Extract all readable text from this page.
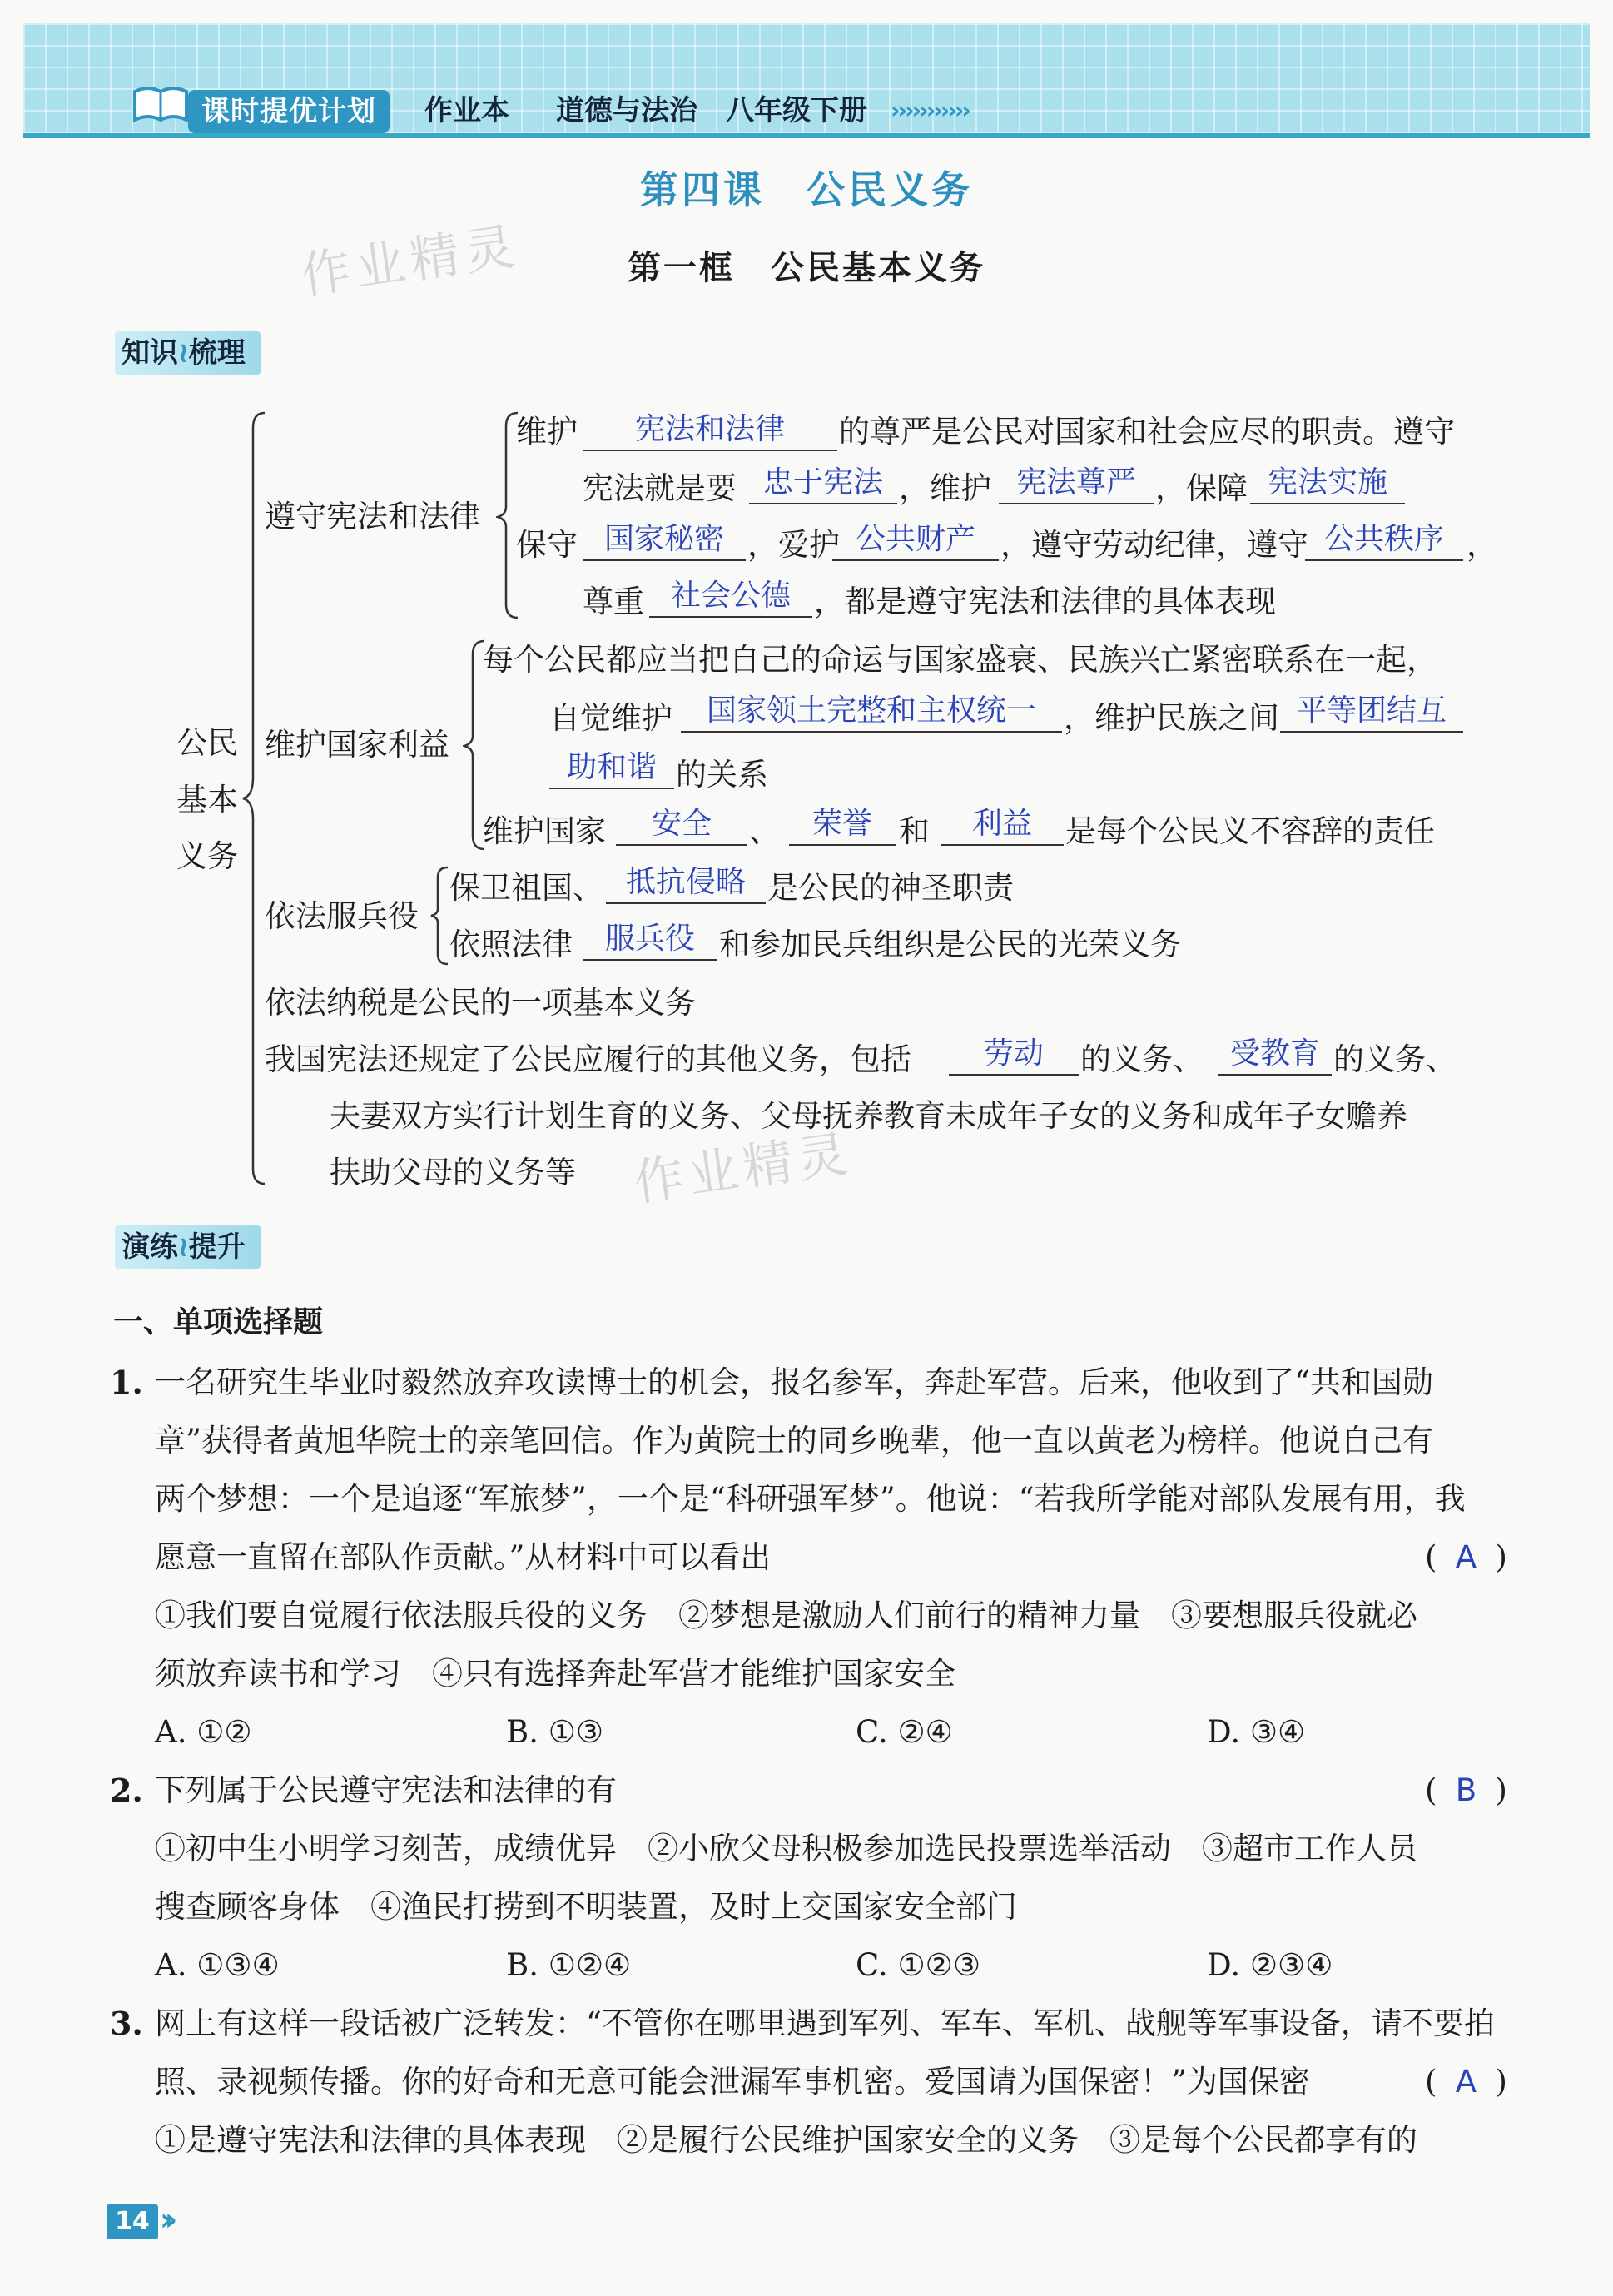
课时提优计划	作业本 道德与法治　八年级下册 ›››››››››››
第四课　公民义务
作业精灵	第一框　公民基本义务
知识≀梳理
公民
基本
义务
遵守宪法和法律
维护	宪法和法律	的尊严是公民对国家和社会应尽的职责。遵守
宪法就是要 忠于宪法 ，维护 宪法尊严 ，保障 宪法实施
保守 国家秘密 ，爱护 公共财产 ，遵守劳动纪律，遵守 公共秩序 ，
尊重 社会公德 ，都是遵守宪法和法律的具体表现
维护国家利益
每个公民都应当把自己的命运与国家盛衰、民族兴亡紧密联系在一起，
自觉维护	国家领土完整和主权统一 ，维护民族之间 平等团结互
助和谐 的关系
维护国家	安全	、	荣誉 和	利益	是每个公民义不容辞的责任
依法服兵役
保卫祖国、 抵抗侵略 是公民的神圣职责
依照法律	服兵役 和参加民兵组织是公民的光荣义务
依法纳税是公民的一项基本义务
我国宪法还规定了公民应履行的其他义务，包括	劳动	的义务、 受教育 的义务、
夫妻双方实行计划生育的义务、父母抚养教育未成年子女的义务和成年子女赡养
扶助父母的义务等 作业精灵
演练≀提升
一、单项选择题
1. 一名研究生毕业时毅然放弃攻读博士的机会，报名参军，奔赴军营。后来，他收到了“共和国勋
章”获得者黄旭华院士的亲笔回信。作为黄院士的同乡晚辈，他一直以黄老为榜样。他说自己有
两个梦想：一个是追逐“军旅梦”，一个是“科研强军梦”。他说：“若我所学能对部队发展有用，我
愿意一直留在部队作贡献。”从材料中可以看出	( A )
①我们要自觉履行依法服兵役的义务　②梦想是激励人们前行的精神力量　③要想服兵役就必
须放弃读书和学习　④只有选择奔赴军营才能维护国家安全
A. ①②	B. ①③	C. ②④	D. ③④
2. 下列属于公民遵守宪法和法律的有	( B )
①初中生小明学习刻苦，成绩优异　②小欣父母积极参加选民投票选举活动　③超市工作人员
搜查顾客身体　④渔民打捞到不明装置，及时上交国家安全部门
A. ①③④	B. ①②④	C. ①②③	D. ②③④
3. 网上有这样一段话被广泛转发：“不管你在哪里遇到军列、军车、军机、战舰等军事设备，请不要拍
照、录视频传播。你的好奇和无意可能会泄漏军事机密。爱国请为国保密！”为国保密	( A )
①是遵守宪法和法律的具体表现　②是履行公民维护国家安全的义务　③是每个公民都享有的
14 ››
